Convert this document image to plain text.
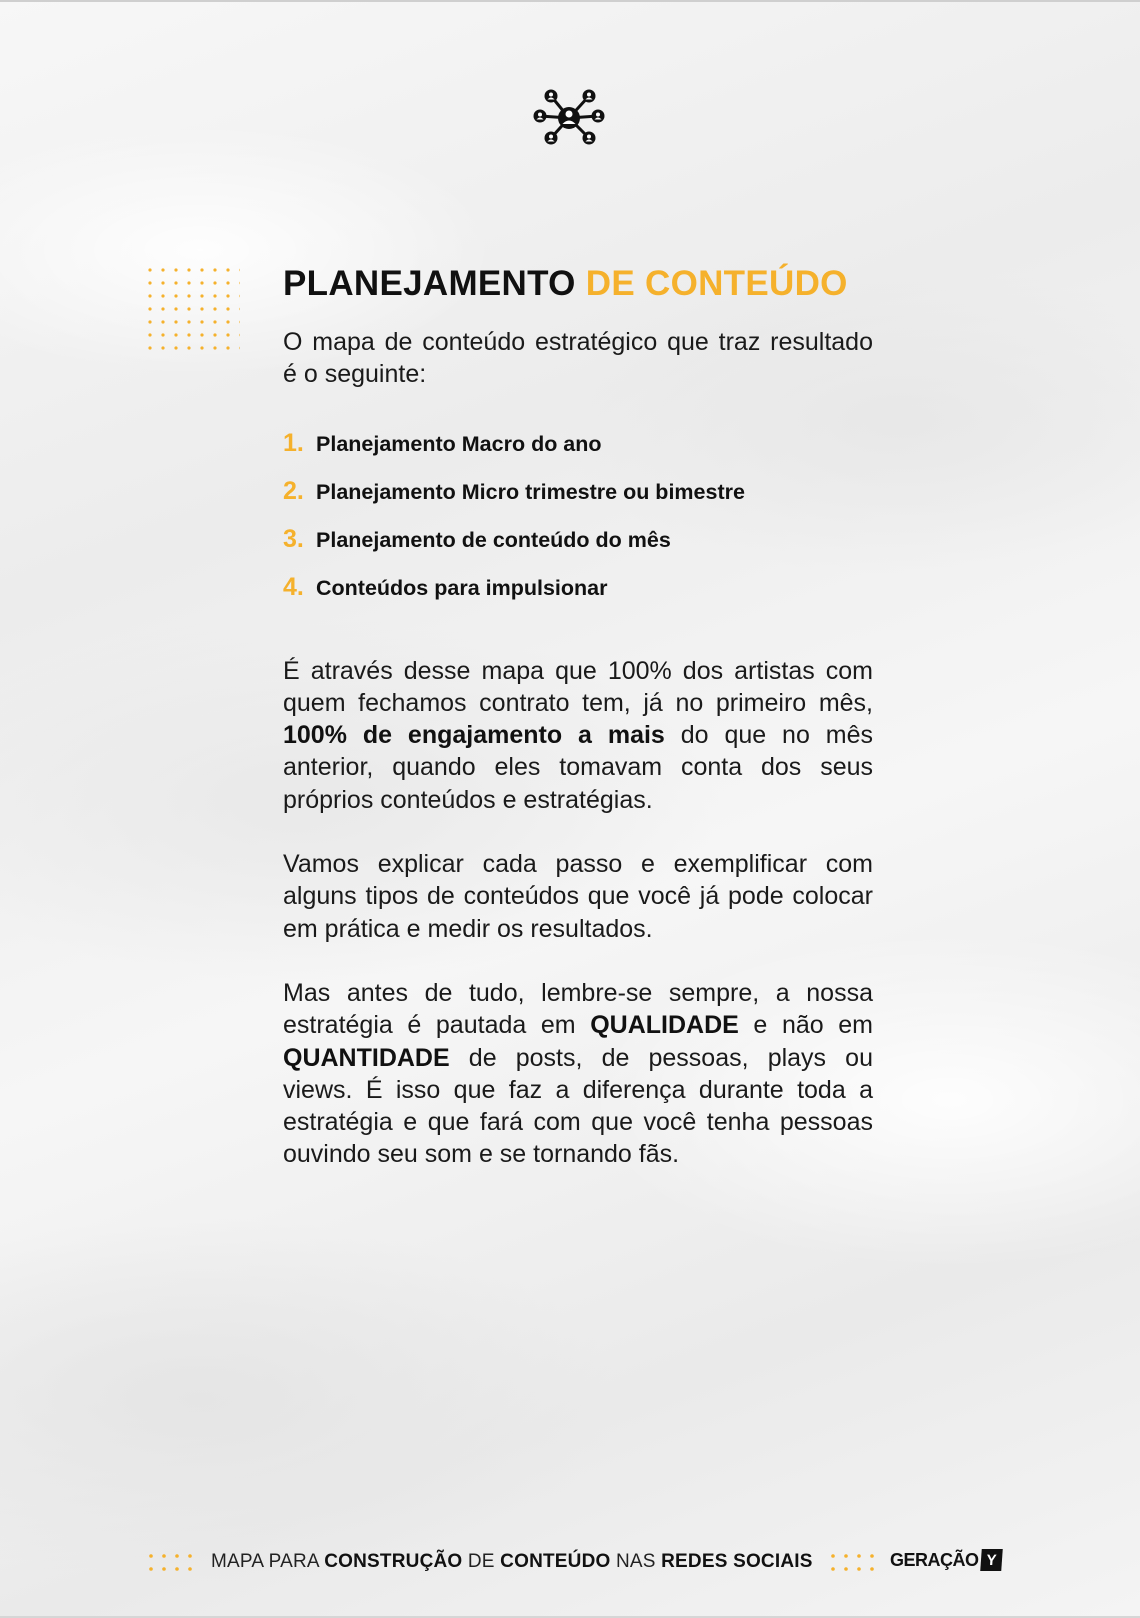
PLANEJAMENTO DE CONTEÚDO

O mapa de conteúdo estratégico que traz resultado é o seguinte:

1. Planejamento Macro do ano
2. Planejamento Micro trimestre ou bimestre
3. Planejamento de conteúdo do mês
4. Conteúdos para impulsionar

É através desse mapa que 100% dos artistas com quem fechamos contrato tem, já no primeiro mês, 100% de engajamento a mais do que no mês anterior, quando eles tomavam conta dos seus próprios conteúdos e estratégias.

Vamos explicar cada passo e exemplificar com alguns tipos de conteúdos que você já pode colocar em prática e medir os resultados.

Mas antes de tudo, lembre-se sempre, a nossa estratégia é pautada em QUALIDADE e não em QUANTIDADE de posts, de pessoas, plays ou views. É isso que faz a diferença durante toda a estratégia e que fará com que você tenha pessoas ouvindo seu som e se tornando fãs.

MAPA PARA CONSTRUÇÃO DE CONTEÚDO NAS REDES SOCIAIS	GERAÇÃO Y
